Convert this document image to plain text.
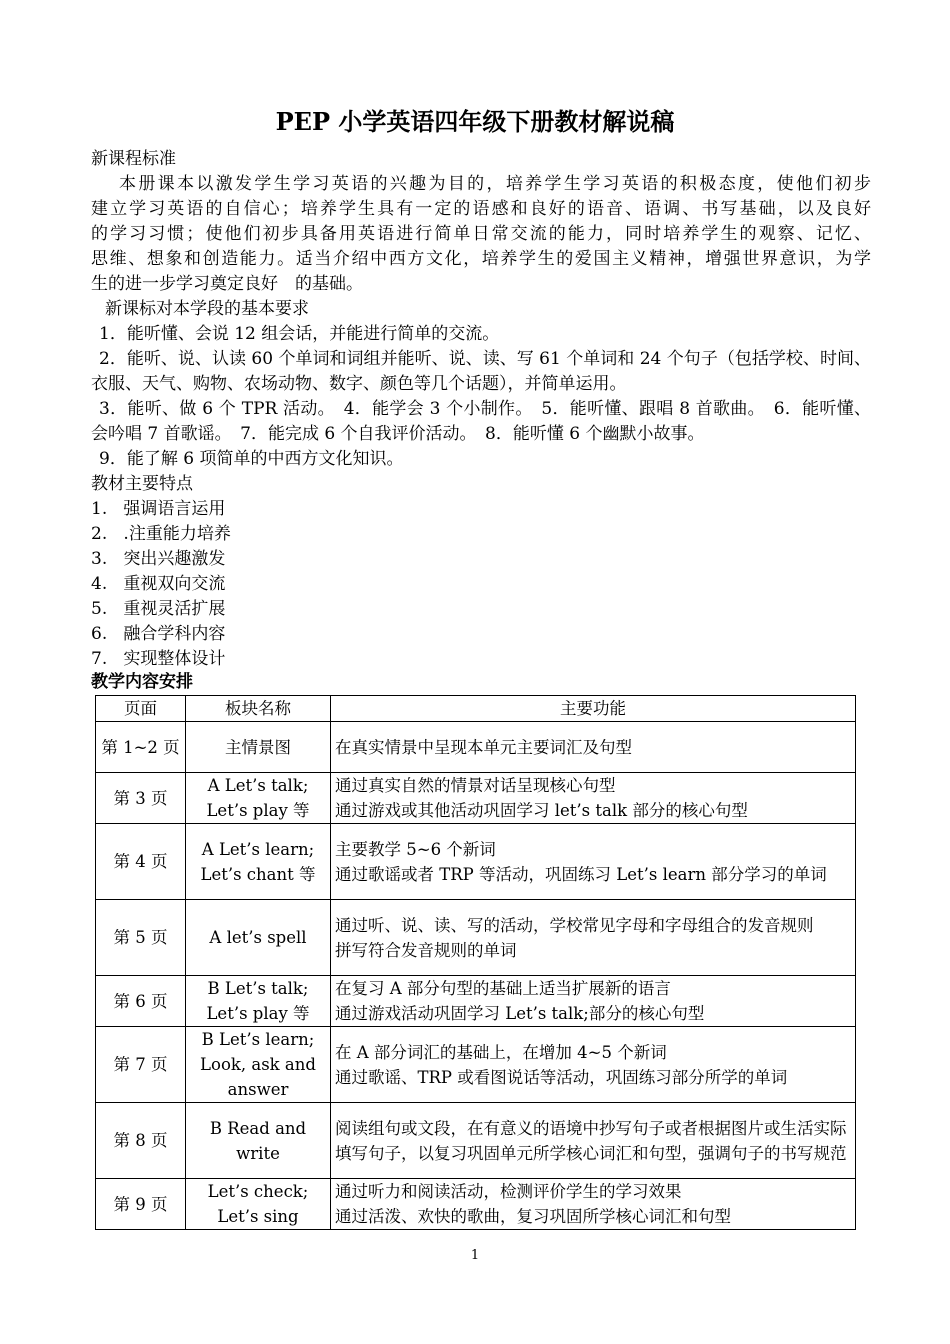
PEP 小学英语四年级下册教材解说稿
新课程标准
本册课本以激发学生学习英语的兴趣为目的，培养学生学习英语的积极态度，使他们初步
建立学习英语的自信心；培养学生具有一定的语感和良好的语音、语调、书写基础，以及良好
的学习习惯；使他们初步具备用英语进行简单日常交流的能力，同时培养学生的观察、记忆、
思维、想象和创造能力。适当介绍中西方文化，培养学生的爱国主义精神，增强世界意识，为学
生的进一步学习奠定良好　的基础。
新课标对本学段的基本要求
1．能听懂、会说 12 组会话，并能进行简单的交流。
2．能听、说、认读 60 个单词和词组并能听、说、读、写 61 个单词和 24 个句子（包括学校、时间、
衣服、天气、购物、农场动物、数字、颜色等几个话题），并简单运用。
3．能听、做 6 个 TPR 活动。　4．能学会 3 个小制作。　5．能听懂、跟唱 8 首歌曲。　6．能听懂、
会吟唱 7 首歌谣。　7．能完成 6 个自我评价活动。　8．能听懂 6 个幽默小故事。
9．能了解 6 项简单的中西方文化知识。
教材主要特点
1.   强调语言运用
2.   .注重能力培养
3.   突出兴趣激发
4.   重视双向交流
5.   重视灵活扩展
6.   融合学科内容
7.   实现整体设计
教学内容安排
页面	板块名称	主要功能
第 1~2 页	主情景图	在真实情景中呈现本单元主要词汇及句型

第 3 页	A Let’s talk; Let’s play 等	通过真实自然的情景对话呈现核心句型
通过游戏或其他活动巩固学习 let’s talk 部分的核心句型

第 4 页	A Let’s learn; Let’s chant 等	主要教学 5~6 个新词
通过歌谣或者 TRP 等活动，巩固练习 Let’s learn 部分学习的单词

第 5 页	A let’s spell	通过听、说、读、写的活动，学校常见字母和字母组合的发音规则
拼写符合发音规则的单词

第 6 页	B Let’s talk; Let’s play 等	在复习 A 部分句型的基础上适当扩展新的语言
通过游戏活动巩固学习 Let’s talk;部分的核心句型

第 7 页	B Let’s learn; Look, ask and answer	在 A 部分词汇的基础上，在增加 4~5 个新词
通过歌谣、TRP 或看图说话等活动，巩固练习部分所学的单词

第 8 页	B Read and write	阅读组句或文段，在有意义的语境中抄写句子或者根据图片或生活实际填写句子，以复习巩固单元所学核心词汇和句型，强调句子的书写规范

第 9 页	Let’s check; Let’s sing	通过听力和阅读活动，检测评价学生的学习效果
通过活泼、欢快的歌曲，复习巩固所学核心词汇和句型
1
